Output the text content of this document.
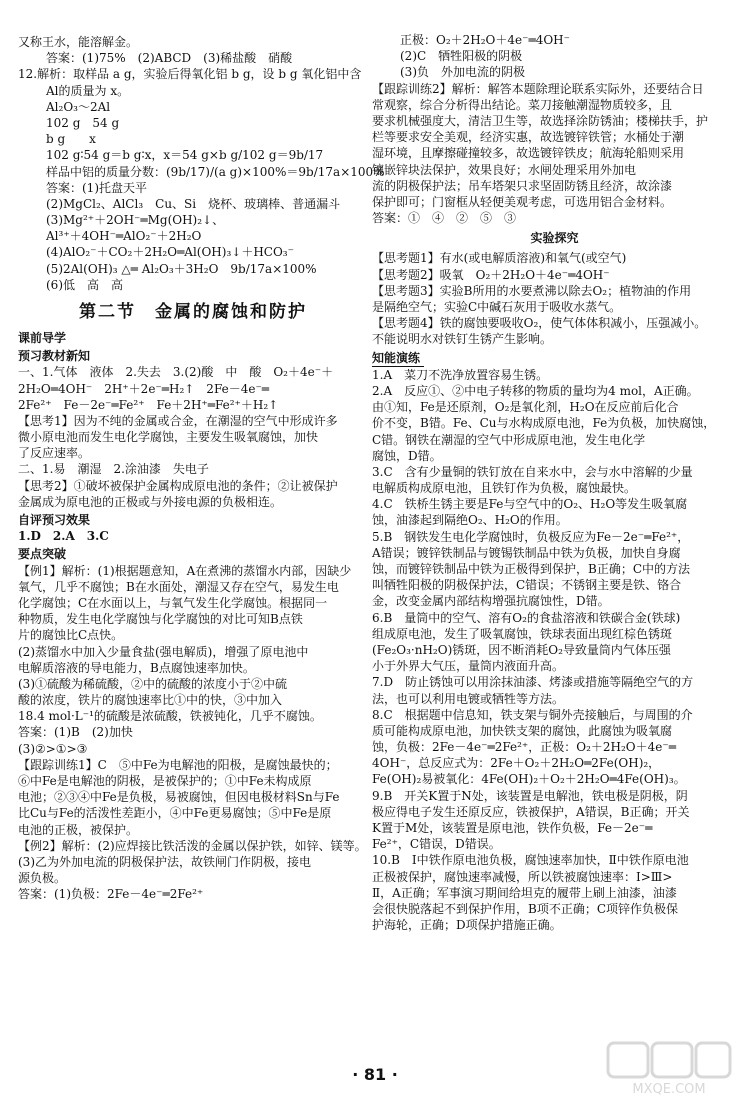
又称王水，能溶解金。

答案：(1)75%　(2)ABCD　(3)稀盐酸　硝酸

12.解析：取样品 a g，实验后得氧化铝 b g，设 b g 氧化铝中含

Al的质量为 x。

Al₂O₃～2Al

102 g　54 g

b g　　x

102 g∶54 g＝b g∶x，x＝54 g×b g/102 g＝9b/17

样品中铝的质量分数：(9b/17)/(a g)×100%＝9b/17a×100%

答案：(1)托盘天平

(2)MgCl₂、AlCl₃　Cu、Si　烧杯、玻璃棒、普通漏斗

(3)Mg²⁺＋2OH⁻═Mg(OH)₂↓、

Al³⁺＋4OH⁻═AlO₂⁻＋2H₂O

(4)AlO₂⁻＋CO₂＋2H₂O═Al(OH)₃↓＋HCO₃⁻

(5)2Al(OH)₃ △═ Al₂O₃＋3H₂O　9b/17a×100%

(6)低　高　高

第二节　金属的腐蚀和防护

课前导学

预习教材新知

一、1.气体　液体　2.失去　3.(2)酸　中　酸　O₂＋4e⁻＋

2H₂O═4OH⁻　2H⁺＋2e⁻═H₂↑　2Fe－4e⁻═

2Fe²⁺　Fe－2e⁻═Fe²⁺　Fe＋2H⁺═Fe²⁺＋H₂↑

【思考1】因为不纯的金属或合金，在潮湿的空气中形成许多

微小原电池而发生电化学腐蚀，主要发生吸氧腐蚀，加快

了反应速率。

二、1.易　潮湿　2.涂油漆　失电子

【思考2】①破坏被保护金属构成原电池的条件；②让被保护

金属成为原电池的正极或与外接电源的负极相连。

自评预习效果

1.D　2.A　3.C

要点突破

【例1】解析：(1)根据题意知，A在煮沸的蒸馏水内部，因缺少

氧气，几乎不腐蚀；B在水面处，潮湿又存在空气，易发生电

化学腐蚀；C在水面以上，与氧气发生化学腐蚀。根据同一

种物质，发生电化学腐蚀与化学腐蚀的对比可知B点铁

片的腐蚀比C点快。

(2)蒸馏水中加入少量食盐(强电解质)，增强了原电池中

电解质溶液的导电能力，B点腐蚀速率加快。

(3)①硫酸为稀硫酸，②中的硫酸的浓度小于②中硫

酸的浓度，铁片的腐蚀速率比①中的快，③中加入

18.4 mol·L⁻¹的硫酸是浓硫酸，铁被钝化，几乎不腐蚀。

答案：(1)B　(2)加快

(3)②>①>③

【跟踪训练1】C　⑤中Fe为电解池的阳极，是腐蚀最快的；

⑥中Fe是电解池的阴极，是被保护的；①中Fe未构成原

电池；②③④中Fe是负极，易被腐蚀，但因电极材料Sn与Fe

比Cu与Fe的活泼性差距小，④中Fe更易腐蚀；⑤中Fe是原

电池的正极，被保护。

【例2】解析：(2)应焊接比铁活泼的金属以保护铁，如锌、镁等。

(3)乙为外加电流的阴极保护法，故铁闸门作阴极，接电

源负极。

答案：(1)负极：2Fe－4e⁻═2Fe²⁺

正极：O₂＋2H₂O＋4e⁻═4OH⁻

(2)C　牺牲阳极的阴极

(3)负　外加电流的阴极

【跟踪训练2】解析：解答本题除理论联系实际外，还要结合日

常观察，综合分析得出结论。菜刀接触潮湿物质较多，且

要求机械强度大，清洁卫生等，故选择涂防锈油；楼梯扶手，护

栏等要求安全美观，经济实惠，故选镀锌铁管；水桶处于潮

湿环境，且摩擦碰撞较多，故选镀锌铁皮；航海轮船则采用

镶嵌锌块法保护，效果良好；水闸处理采用外加电

流的阴极保护法；吊车塔架只求坚固防锈且经济，故涂漆

保护即可；门窗框从轻便美观考虑，可选用铝合金材料。

答案：①　④　②　⑤　③

实验探究

【思考题1】有水(或电解质溶液)和氧气(或空气)

【思考题2】吸氧　O₂＋2H₂O＋4e⁻═4OH⁻

【思考题3】实验B所用的水要煮沸以除去O₂；植物油的作用

是隔绝空气；实验C中碱石灰用于吸收水蒸气。

【思考题4】铁的腐蚀要吸收O₂，使气体体积减小，压强减小。

不能说明水对铁钉生锈产生影响。

知能演练

1.A　菜刀不洗净放置容易生锈。

2.A　反应①、②中电子转移的物质的量均为4 mol，A正确。

由①知，Fe是还原剂，O₂是氧化剂，H₂O在反应前后化合

价不变，B错。Fe、Cu与水构成原电池，Fe为负极，加快腐蚀，

C错。钢铁在潮湿的空气中形成原电池，发生电化学

腐蚀，D错。

3.C　含有少量铜的铁钉放在自来水中，会与水中溶解的少量

电解质构成原电池，且铁钉作为负极，腐蚀最快。

4.C　铁桥生锈主要是Fe与空气中的O₂、H₂O等发生吸氧腐

蚀，油漆起到隔绝O₂、H₂O的作用。

5.B　钢铁发生电化学腐蚀时，负极反应为Fe－2e⁻═Fe²⁺，

A错误；镀锌铁制品与镀锡铁制品中铁为负极，加快自身腐

蚀，而镀锌铁制品中铁为正极得到保护，B正确；C中的方法

叫牺牲阳极的阴极保护法，C错误；不锈钢主要是铁、铬合

金，改变金属内部结构增强抗腐蚀性，D错。

6.B　量筒中的空气、溶有O₂的食盐溶液和铁碳合金(铁球)

组成原电池，发生了吸氧腐蚀，铁球表面出现红棕色锈斑

(Fe₂O₃·nH₂O)锈斑，因不断消耗O₂导致量筒内气体压强

小于外界大气压，量筒内液面升高。

7.D　防止锈蚀可以用涂抹油漆、烤漆或措施等隔绝空气的方

法，也可以利用电镀或牺牲等方法。

8.C　根据题中信息知，铁支架与铜外壳接触后，与周围的介

质可能构成原电池，加快铁支架的腐蚀，此腐蚀为吸氧腐

蚀，负极：2Fe－4e⁻═2Fe²⁺，正极：O₂＋2H₂O＋4e⁻═

4OH⁻，总反应式为：2Fe＋O₂＋2H₂O═2Fe(OH)₂，

Fe(OH)₂易被氧化：4Fe(OH)₂＋O₂＋2H₂O═4Fe(OH)₃。

9.B　开关K置于N处，该装置是电解池，铁电极是阴极，阴

极应得电子发生还原反应，铁被保护，A错误，B正确；开关

K置于M处，该装置是原电池，铁作负极，Fe－2e⁻═

Fe²⁺，C错误，D错误。

10.B　Ⅰ中铁作原电池负极，腐蚀速率加快，Ⅱ中铁作原电池

正极被保护，腐蚀速率减慢，所以铁被腐蚀速率：Ⅰ>Ⅲ>

Ⅱ，A正确；军事演习期间给坦克的履带上刷上油漆，油漆

会很快脱落起不到保护作用，B项不正确；C项锌作负极保

护海轮，正确；D项保护措施正确。

· 81 ·
MXQE.COM
